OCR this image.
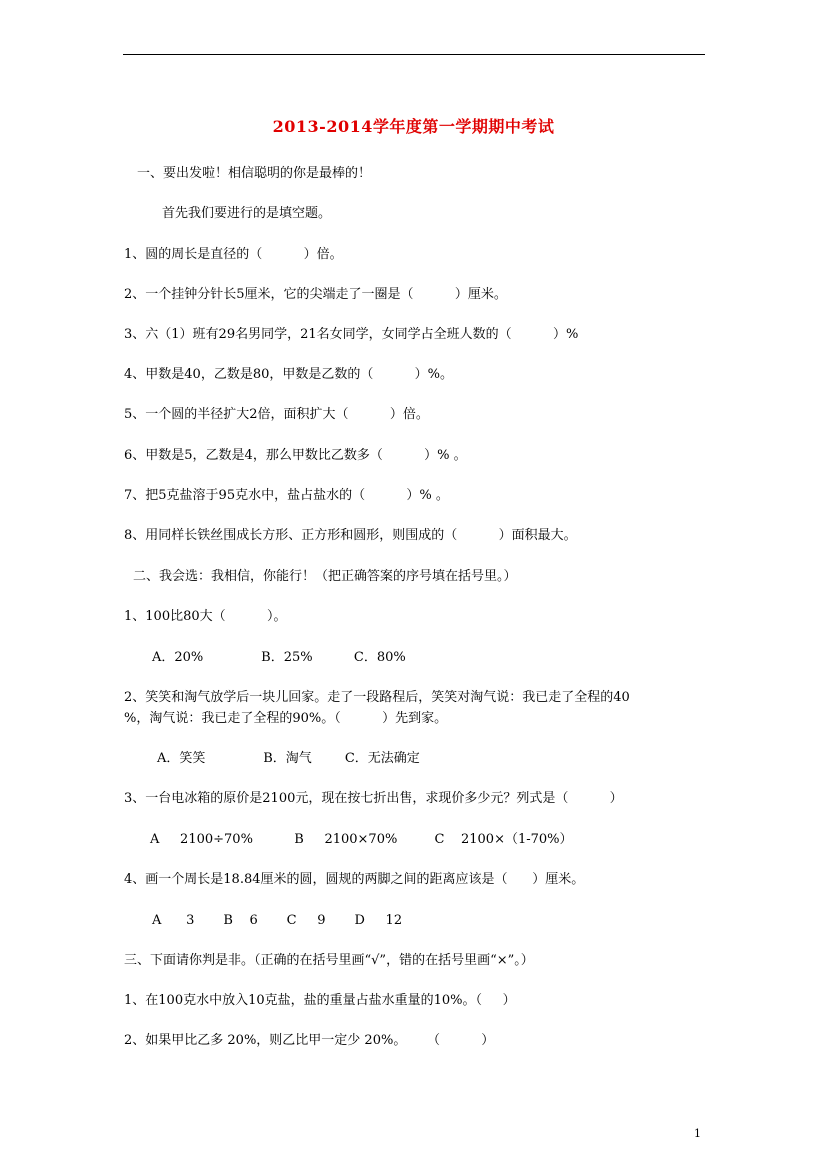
2013-2014学年度第一学期期中考试
一、要出发啦！相信聪明的你是最棒的！
首先我们要进行的是填空题。
1、圆的周长是直径的（          ）倍。
2、一个挂钟分针长5厘米，它的尖端走了一圈是（          ）厘米。
3、六（1）班有29名男同学，21名女同学，女同学占全班人数的（          ）%
4、甲数是40，乙数是80，甲数是乙数的（          ）%。
5、一个圆的半径扩大2倍，面积扩大（          ）倍。
6、甲数是5，乙数是4，那么甲数比乙数多（          ）% 。
7、把5克盐溶于95克水中，盐占盐水的（          ）% 。
8、用同样长铁丝围成长方形、正方形和圆形，则围成的（          ）面积最大。
二、我会选：我相信，你能行！（把正确答案的序号填在括号里。）
1、100比80大（          ）。
A．20%              B．25%          C．80%
2、笑笑和淘气放学后一块儿回家。走了一段路程后，笑笑对淘气说：我已走了全程的40
%，淘气说：我已走了全程的90%。（          ）先到家。
A．笑笑              B．淘气        C．无法确定
3、一台电冰箱的原价是2100元，现在按七折出售，求现价多少元？列式是（          ）
A     2100÷70%          B     2100×70%         C    2100×（1-70%）
4、画一个周长是18.84厘米的圆，圆规的两脚之间的距离应该是（      ）厘米。
A      3       B    6       C     9       D     12
三、下面请你判是非。（正确的在括号里画“√”，错的在括号里画“×”。）
1、在100克水中放入10克盐，盐的重量占盐水重量的10%。（     ）
2、如果甲比乙多 20%，则乙比甲一定少 20%。     （          ）
1
